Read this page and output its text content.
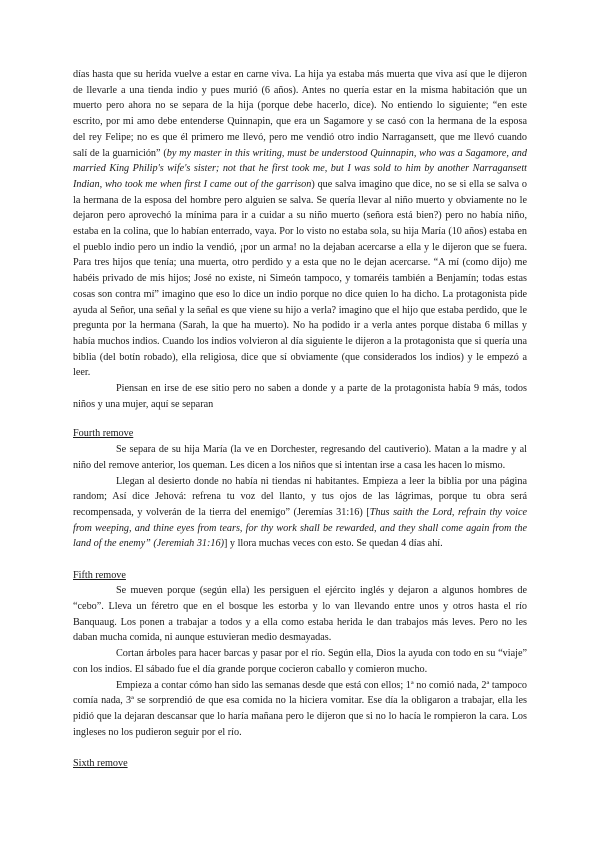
días hasta que su herida vuelve a estar en carne viva. La hija ya estaba más muerta que viva así que le dijeron de llevarle a una tienda indio y pues murió (6 años). Antes no quería estar en la misma habitación que un muerto pero ahora no se separa de la hija (porque debe hacerlo, dice). No entiendo lo siguiente; “en este escrito, por mi amo debe entenderse Quinnapin, que era un Sagamore y se casó con la hermana de la esposa del rey Felipe; no es que él primero me llevó, pero me vendió otro indio Narragansett, que me llevó cuando salí de la guarnición” (by my master in this writing, must be understood Quinnapin, who was a Sagamore, and married King Philip's wife's sister; not that he first took me, but I was sold to him by another Narragansett Indian, who took me when first I came out of the garrison) que salva imagino que dice, no se si ella se salva o la hermana de la esposa del hombre pero alguien se salva. Se quería llevar al niño muerto y obviamente no le dejaron pero aprovechó la mínima para ir a cuidar a su niño muerto (señora está bien?) pero no había niño, estaba en la colina, que lo habían enterrado, vaya. Por lo visto no estaba sola, su hija María (10 años) estaba en el pueblo indio pero un indio la vendió, ¡por un arma! no la dejaban acercarse a ella y le dijeron que se fuera. Para tres hijos que tenía; una muerta, otro perdido y a esta que no le dejan acercarse. “A mí (como dijo) me habéis privado de mis hijos; José no existe, ni Simeón tampoco, y tomaréis también a Benjamín; todas estas cosas son contra mí” imagino que eso lo dice un indio porque no dice quien lo ha dicho. La protagonista pide ayuda al Señor, una señal y la señal es que viene su hijo a verla? imagino que el hijo que estaba perdido, que le pregunta por la hermana (Sarah, la que ha muerto). No ha podido ir a verla antes porque distaba 6 millas y había muchos indios. Cuando los indios volvieron al día siguiente le dijeron a la protagonista que si quería una biblia (del botín robado), ella religiosa, dice que sí obviamente (que considerados los indios) y le empezó a leer.

Piensan en irse de ese sitio pero no saben a donde y a parte de la protagonista había 9 más, todos niños y una mujer, aquí se separan

Fourth remove

Se separa de su hija María (la ve en Dorchester, regresando del cautiverio). Matan a la madre y al niño del remove anterior, los queman. Les dicen a los niños que si intentan irse a casa les hacen lo mismo.

Llegan al desierto donde no había ni tiendas ni habitantes. Empieza a leer la biblia por una página random; Así dice Jehová: refrena tu voz del llanto, y tus ojos de las lágrimas, porque tu obra será recompensada, y volverán de la tierra del enemigo” (Jeremías 31:16) [Thus saith the Lord, refrain thy voice from weeping, and thine eyes from tears, for thy work shall be rewarded, and they shall come again from the land of the enemy” (Jeremiah 31:16)] y llora muchas veces con esto. Se quedan 4 días ahí.

Fifth remove

Se mueven porque (según ella) les persiguen el ejército inglés y dejaron a algunos hombres de “cebo”. Lleva un féretro que en el bosque les estorba y lo van llevando entre unos y otros hasta el río Banquaug. Los ponen a trabajar a todos y a ella como estaba herida le dan trabajos más leves. Pero no les daban mucha comida, ni aunque estuvieran medio desmayadas.

Cortan árboles para hacer barcas y pasar por el río. Según ella, Dios la ayuda con todo en su “viaje” con los indios. El sábado fue el día grande porque cocieron caballo y comieron mucho.

Empieza a contar cómo han sido las semanas desde que está con ellos; 1ª no comió nada, 2ª tampoco comía nada, 3ª se sorprendió de que esa comida no la hiciera vomitar. Ese día la obligaron a trabajar, ella les pidió que la dejaran descansar que lo haría mañana pero le dijeron que si no lo hacía le rompieron la cara. Los ingleses no los pudieron seguir por el río.

Sixth remove
